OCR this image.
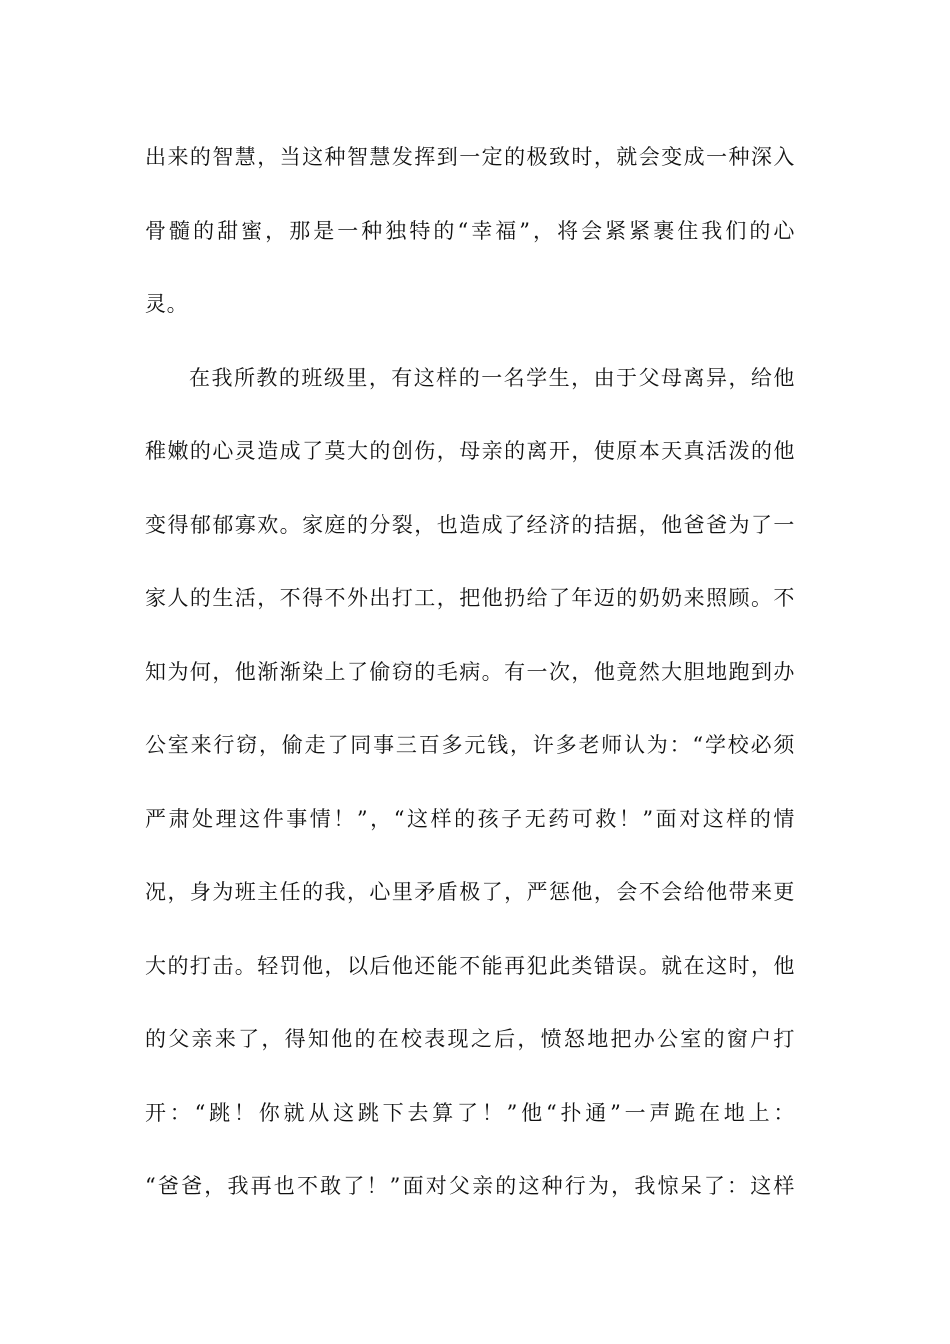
出来的智慧，当这种智慧发挥到一定的极致时，就会变成一种深入
骨髓的甜蜜，那是一种独特的“幸福”，将会紧紧裹住我们的心
灵。
在我所教的班级里，有这样的一名学生，由于父母离异，给他
稚嫩的心灵造成了莫大的创伤，母亲的离开，使原本天真活泼的他
变得郁郁寡欢。家庭的分裂，也造成了经济的拮据，他爸爸为了一
家人的生活，不得不外出打工，把他扔给了年迈的奶奶来照顾。不
知为何，他渐渐染上了偷窃的毛病。有一次，他竟然大胆地跑到办
公室来行窃，偷走了同事三百多元钱，许多老师认为：“学校必须
严肃处理这件事情！”，“这样的孩子无药可救！”面对这样的情
况，身为班主任的我，心里矛盾极了，严惩他，会不会给他带来更
大的打击。轻罚他，以后他还能不能再犯此类错误。就在这时，他
的父亲来了，得知他的在校表现之后，愤怒地把办公室的窗户打
开：“跳！你就从这跳下去算了！”他“扑通”一声跪在地上：
“爸爸，我再也不敢了！”面对父亲的这种行为，我惊呆了：这样
